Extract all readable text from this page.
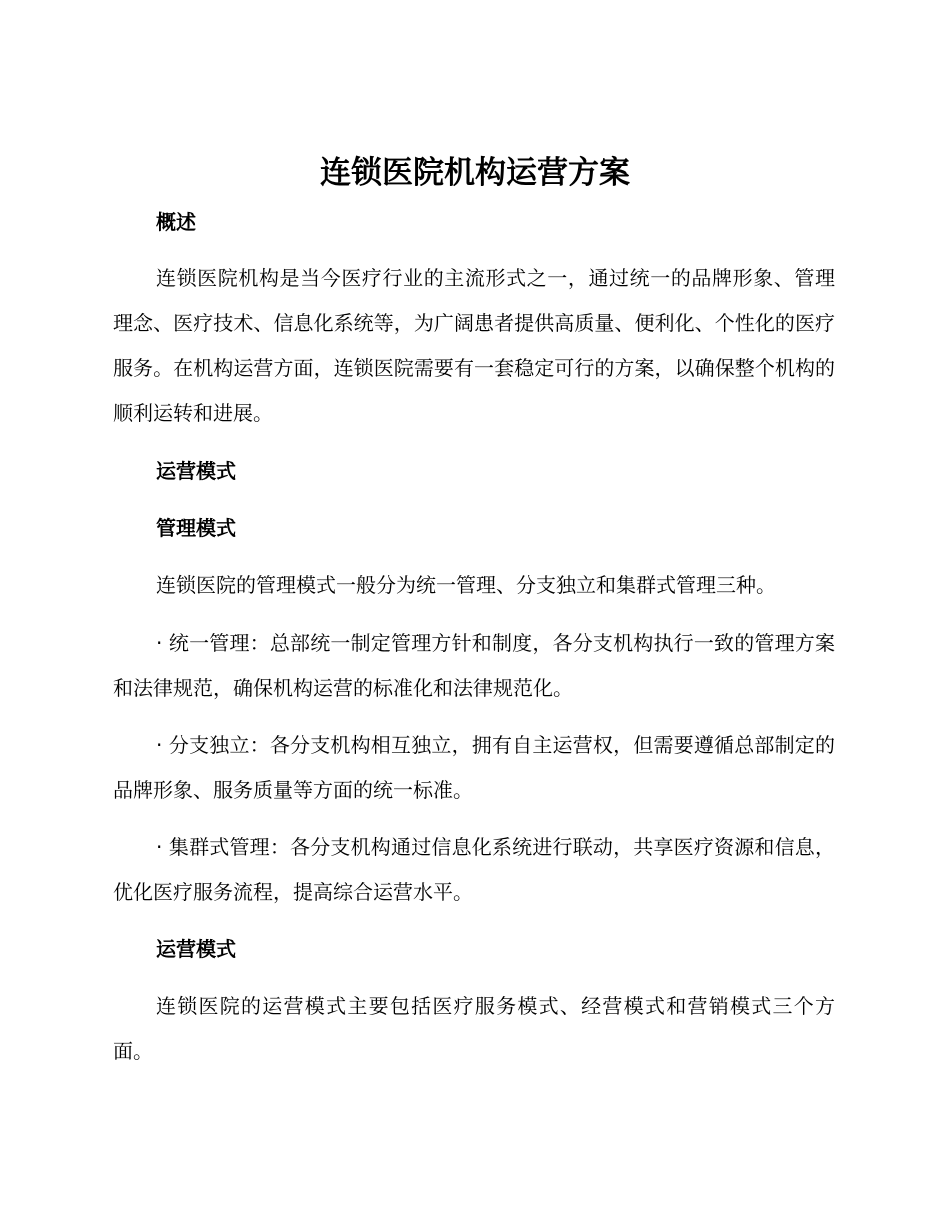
连锁医院机构运营方案
概述

连锁医院机构是当今医疗行业的主流形式之一，通过统一的品牌形象、管理理念、医疗技术、信息化系统等，为广阔患者提供高质量、便利化、个性化的医疗服务。在机构运营方面，连锁医院需要有一套稳定可行的方案，以确保整个机构的顺利运转和进展。

运营模式
管理模式

连锁医院的管理模式一般分为统一管理、分支独立和集群式管理三种。

· 统一管理：总部统一制定管理方针和制度，各分支机构执行一致的管理方案和法律规范，确保机构运营的标准化和法律规范化。

· 分支独立：各分支机构相互独立，拥有自主运营权，但需要遵循总部制定的品牌形象、服务质量等方面的统一标准。

· 集群式管理：各分支机构通过信息化系统进行联动，共享医疗资源和信息，优化医疗服务流程，提高综合运营水平。

运营模式

连锁医院的运营模式主要包括医疗服务模式、经营模式和营销模式三个方面。
